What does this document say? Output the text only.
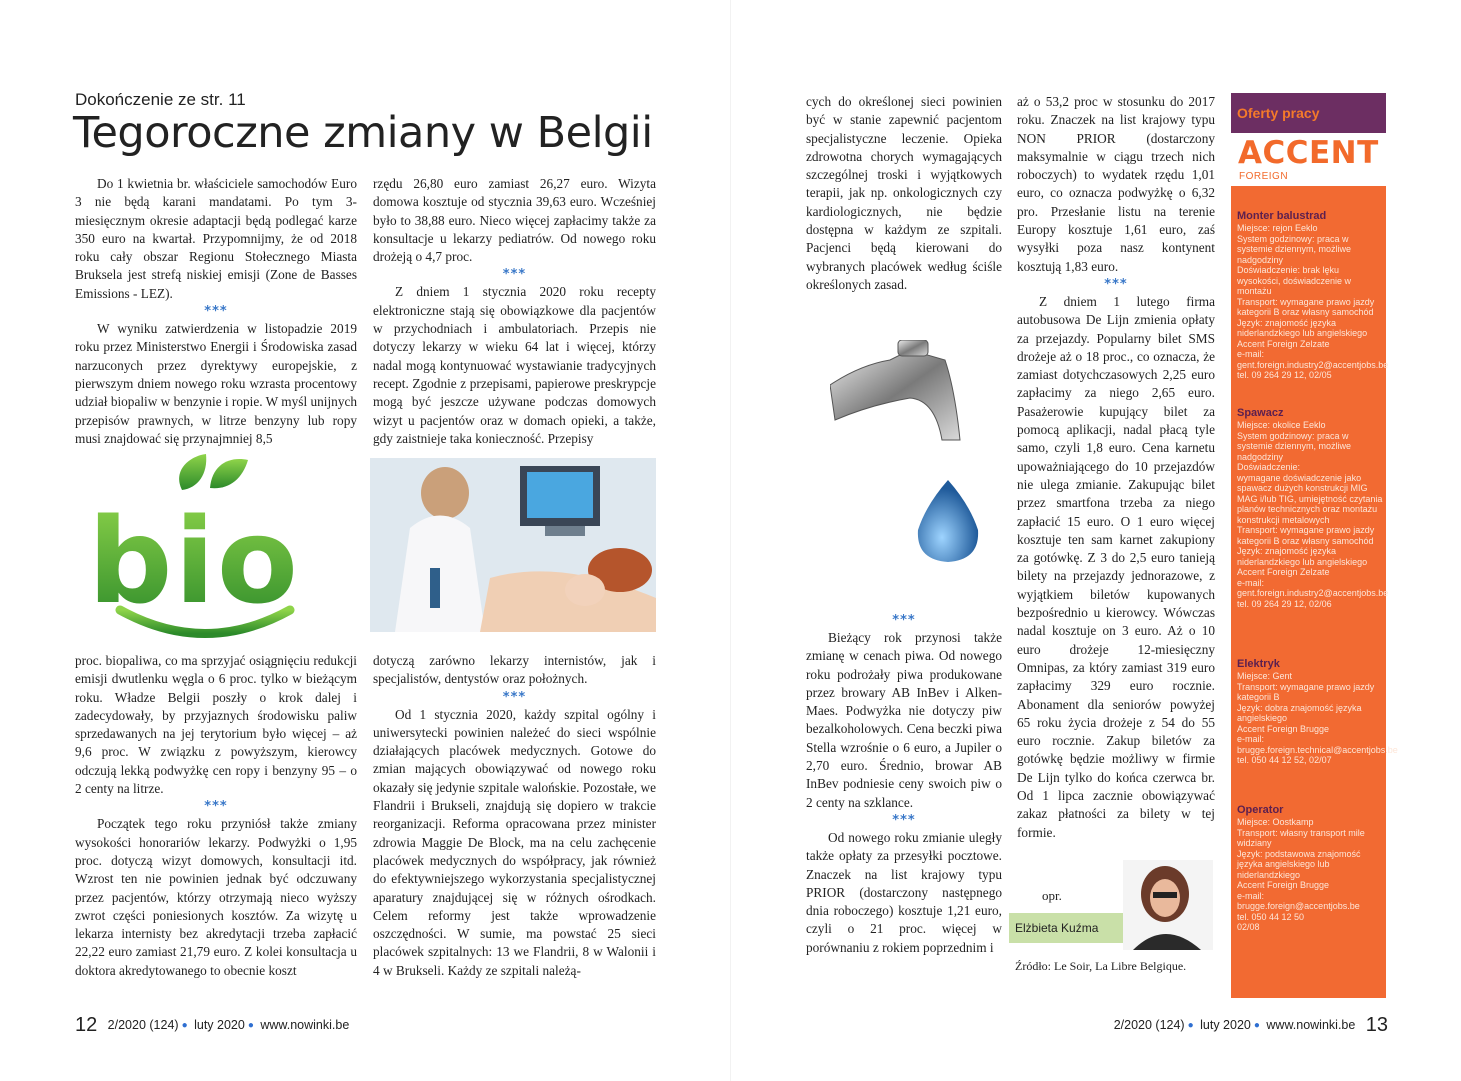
Dokończenie ze str. 11
Tegoroczne zmiany w Belgii

Do 1 kwietnia br. właściciele samochodów Euro 3 nie będą karani mandatami. Po tym 3-miesięcznym okresie adaptacji będą podlegać karze 350 euro na kwartał. Przypomnijmy, że od 2018 roku cały obszar Regionu Stołecznego Miasta Bruksela jest strefą niskiej emisji (Zone de Basses Emissions - LEZ).

***

W wyniku zatwierdzenia w listopadzie 2019 roku przez Ministerstwo Energii i Środowiska zasad narzuconych przez dyrektywy europejskie, z pierwszym dniem nowego roku wzrasta procentowy udział biopaliw w benzynie i ropie. W myśl unijnych przepisów prawnych, w litrze benzyny lub ropy musi znajdować się przynajmniej 8,5

bio

proc. biopaliwa, co ma sprzyjać osiągnięciu redukcji emisji dwutlenku węgla o 6 proc. tylko w bieżącym roku. Władze Belgii poszły o krok dalej i zadecydowały, by przyjaznych środowisku paliw sprzedawanych na jej terytorium było więcej – aż 9,6 proc. W związku z powyższym, kierowcy odczują lekką podwyżkę cen ropy i benzyny 95 – o 2 centy na litrze.

***

Początek tego roku przyniósł także zmiany wysokości honorariów lekarzy. Podwyżki o 1,95 proc. dotyczą wizyt domowych, konsultacji itd. Wzrost ten nie powinien jednak być odczuwany przez pacjentów, którzy otrzymają nieco wyższy zwrot części poniesionych kosztów. Za wizytę u lekarza internisty bez akredytacji trzeba zapłacić 22,22 euro zamiast 21,79 euro. Z kolei konsultacja u doktora akredytowanego to obecnie koszt

rzędu 26,80 euro zamiast 26,27 euro. Wizyta domowa kosztuje od stycznia 39,63 euro. Wcześniej było to 38,88 euro. Nieco więcej zapłacimy także za konsultacje u lekarzy pediatrów. Od nowego roku drożeją o 4,7 proc.

***

Z dniem 1 stycznia 2020 roku recepty elektroniczne stają się obowiązkowe dla pacjentów w przychodniach i ambulatoriach. Przepis nie dotyczy lekarzy w wieku 64 lat i więcej, którzy nadal mogą kontynuować wystawianie tradycyjnych recept. Zgodnie z przepisami, papierowe preskrypcje mogą być jeszcze używane podczas domowych wizyt u pacjentów oraz w domach opieki, a także, gdy zaistnieje taka konieczność. Przepisy

dotyczą zarówno lekarzy internistów, jak i specjalistów, dentystów oraz położnych.

***

Od 1 stycznia 2020, każdy szpital ogólny i uniwersytecki powinien należeć do sieci wspólnie działających placówek medycznych. Gotowe do zmian mających obowiązywać od nowego roku okazały się jedynie szpitale walońskie. Pozostałe, we Flandrii i Brukseli, znajdują się dopiero w trakcie reorganizacji. Reforma opracowana przez minister zdrowia Maggie De Block, ma na celu zachęcenie placówek medycznych do współpracy, jak również do efektywniejszego wykorzystania specjalistycznej aparatury znajdującej się w różnych ośrodkach. Celem reformy jest także wprowadzenie oszczędności. W sumie, ma powstać 25 sieci placówek szpitalnych: 13 we Flandrii, 8 w Walonii i 4 w Brukseli. Każdy ze szpitali należą-

12 2/2020 (124) ● luty 2020 ● www.nowinki.be

cych do określonej sieci powinien być w stanie zapewnić pacjentom specjalistyczne leczenie. Opieka zdrowotna chorych wymagających szczególnej troski i wyjątkowych terapii, jak np. onkologicznych czy kardiologicznych, nie będzie dostępna w każdym ze szpitali. Pacjenci będą kierowani do wybranych placówek według ściśle określonych zasad.

***

Bieżący rok przynosi także zmianę w cenach piwa. Od nowego roku podrożały piwa produkowane przez browary AB InBev i Alken-Maes. Podwyżka nie dotyczy piw bezalkoholowych. Cena beczki piwa Stella wzrośnie o 6 euro, a Jupiler o 2,70 euro. Średnio, browar AB InBev podniesie ceny swoich piw o 2 centy na szklance.

***

Od nowego roku zmianie uległy także opłaty za przesyłki pocztowe. Znaczek na list krajowy typu PRIOR (dostarczony następnego dnia roboczego) kosztuje 1,21 euro, czyli o 21 proc. więcej w porównaniu z rokiem poprzednim i

aż o 53,2 proc w stosunku do 2017 roku. Znaczek na list krajowy typu NON PRIOR (dostarczony maksymalnie w ciągu trzech nich roboczych) to wydatek rzędu 1,01 euro, co oznacza podwyżkę o 6,32 pro. Przesłanie listu na terenie Europy kosztuje 1,61 euro, zaś wysyłki poza nasz kontynent kosztują 1,83 euro.

***

Z dniem 1 lutego firma autobusowa De Lijn zmienia opłaty za przejazdy. Popularny bilet SMS drożeje aż o 18 proc., co oznacza, że zamiast dotychczasowych 2,25 euro zapłacimy za niego 2,65 euro. Pasażerowie kupujący bilet za pomocą aplikacji, nadal płacą tyle samo, czyli 1,8 euro. Cena karnetu upoważniającego do 10 przejazdów nie ulega zmianie. Zakupując bilet przez smartfona trzeba za niego zapłacić 15 euro. O 1 euro więcej kosztuje ten sam karnet zakupiony za gotówkę. Z 3 do 2,5 euro tanieją bilety na przejazdy jednorazowe, z wyjątkiem biletów kupowanych bezpośrednio u kierowcy. Wówczas nadal kosztuje on 3 euro. Aż o 10 euro drożeje 12-miesięczny Omnipas, za który zamiast 319 euro zapłacimy 329 euro rocznie. Abonament dla seniorów powyżej 65 roku życia drożeje z 54 do 55 euro rocznie. Zakup biletów za gotówkę będzie możliwy w firmie De Lijn tylko do końca czerwca br. Od 1 lipca zacznie obowiązywać zakaz płatności za bilety w tej formie.

opr.
Elżbieta Kuźma
Źródło: Le Soir, La Libre Belgique.
Oferty pracy
ACCENT
FOREIGN
Monter balustrad
Miejsce: rejon Eeklo
System godzinowy: praca w systemie dziennym, możliwe nadgodziny
Doświadczenie: brak lęku wysokości, doświadczenie w montażu
Transport: wymagane prawo jazdy kategorii B oraz własny samochód
Język: znajomość języka niderlandzkiego lub angielskiego
Accent Foreign Zelzate
e-mail: gent.foreign.industry2@accentjobs.be
tel. 09 264 29 12, 02/05
Spawacz
Miejsce: okolice Eeklo
System godzinowy: praca w systemie dziennym, możliwe nadgodziny
Doświadczenie:
wymagane doświadczenie jako spawacz dużych konstrukcji MIG MAG i/lub TIG, umiejętność czytania planów technicznych oraz montażu konstrukcji metalowych
Transport: wymagane prawo jazdy kategorii B oraz własny samochód
Język: znajomość języka niderlandzkiego lub angielskiego
Accent Foreign Zelzate
e-mail: gent.foreign.industry2@accentjobs.be
tel. 09 264 29 12, 02/06
Elektryk
Miejsce: Gent
Transport: wymagane prawo jazdy kategorii B
Język: dobra znajomość języka angielskiego
Accent Foreign Brugge
e-mail: brugge.foreign.technical@accentjobs.be
tel. 050 44 12 52, 02/07
Operator
Miejsce: Oostkamp
Transport: własny transport mile widziany
Język: podstawowa znajomość języka angielskiego lub niderlandzkiego
Accent Foreign Brugge
e-mail:
brugge.foreign@accentjobs.be
tel. 050 44 12 50
02/08
2/2020 (124) ● luty 2020 ● www.nowinki.be 13
